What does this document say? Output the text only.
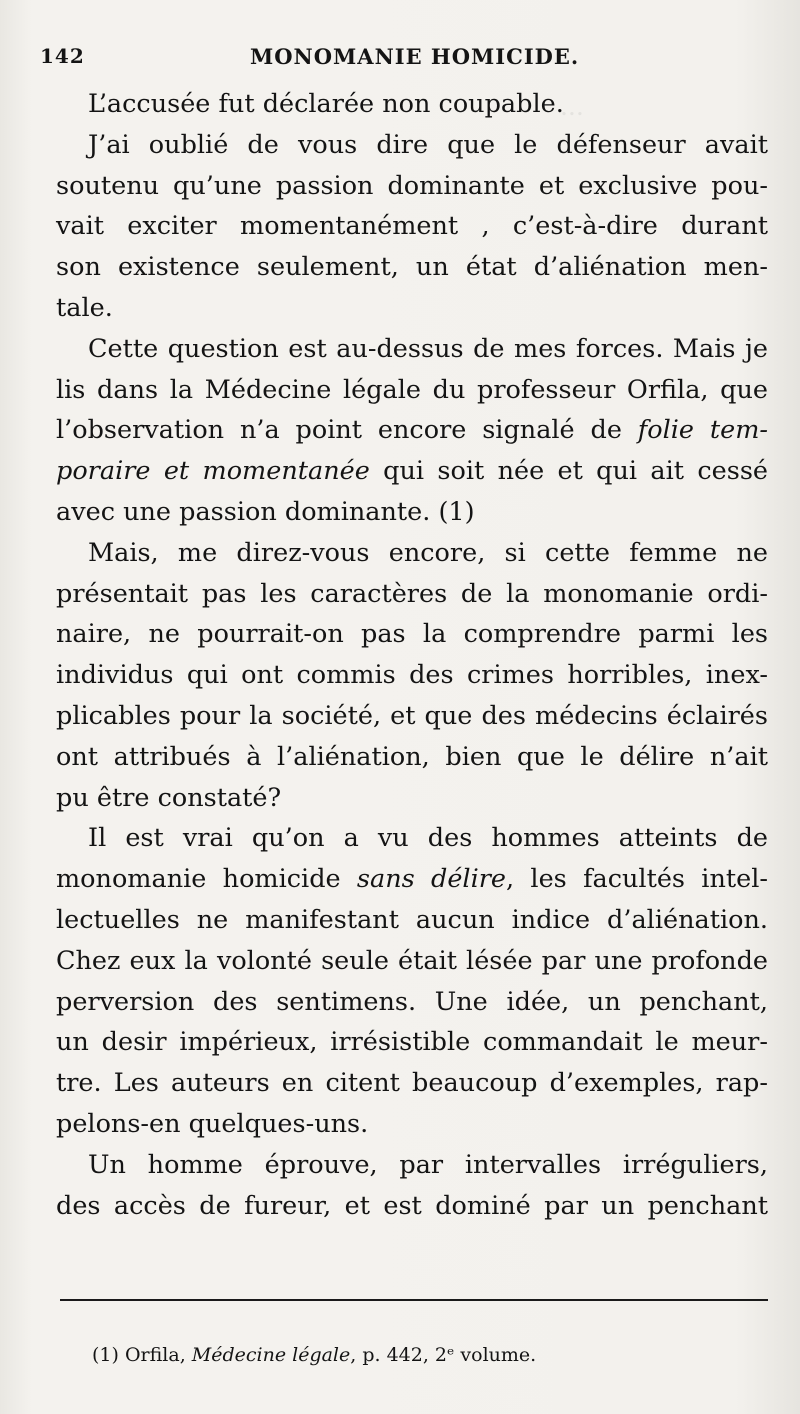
...
142	MONOMANIE HOMICIDE.
L’accusée fut déclarée non coupable.
J’ai oublié de vous dire que le défenseur avait
soutenu qu’une passion dominante et exclusive pou-
vait exciter momentanément , c’est-à-dire durant
son existence seulement, un état d’aliénation men-
tale.
Cette question est au-dessus de mes forces. Mais je
lis dans la Médecine légale du professeur Orfila, que
l’observation n’a point encore signalé de folie tem-
poraire et momentanée qui soit née et qui ait cessé
avec une passion dominante. (1)
Mais, me direz-vous encore, si cette femme ne
présentait pas les caractères de la monomanie ordi-
naire, ne pourrait-on pas la comprendre parmi les
individus qui ont commis des crimes horribles, inex-
plicables pour la société, et que des médecins éclairés
ont attribués à l’aliénation, bien que le délire n’ait
pu être constaté?
Il est vrai qu’on a vu des hommes atteints de
monomanie homicide sans délire, les facultés intel-
lectuelles ne manifestant aucun indice d’aliénation.
Chez eux la volonté seule était lésée par une profonde
perversion des sentimens. Une idée, un penchant,
un desir impérieux, irrésistible commandait le meur-
tre. Les auteurs en citent beaucoup d’exemples, rap-
pelons-en quelques-uns.
Un homme éprouve, par intervalles irréguliers,
des accès de fureur, et est dominé par un penchant
(1) Orfila, Médecine légale, p. 442, 2ᵉ volume.
